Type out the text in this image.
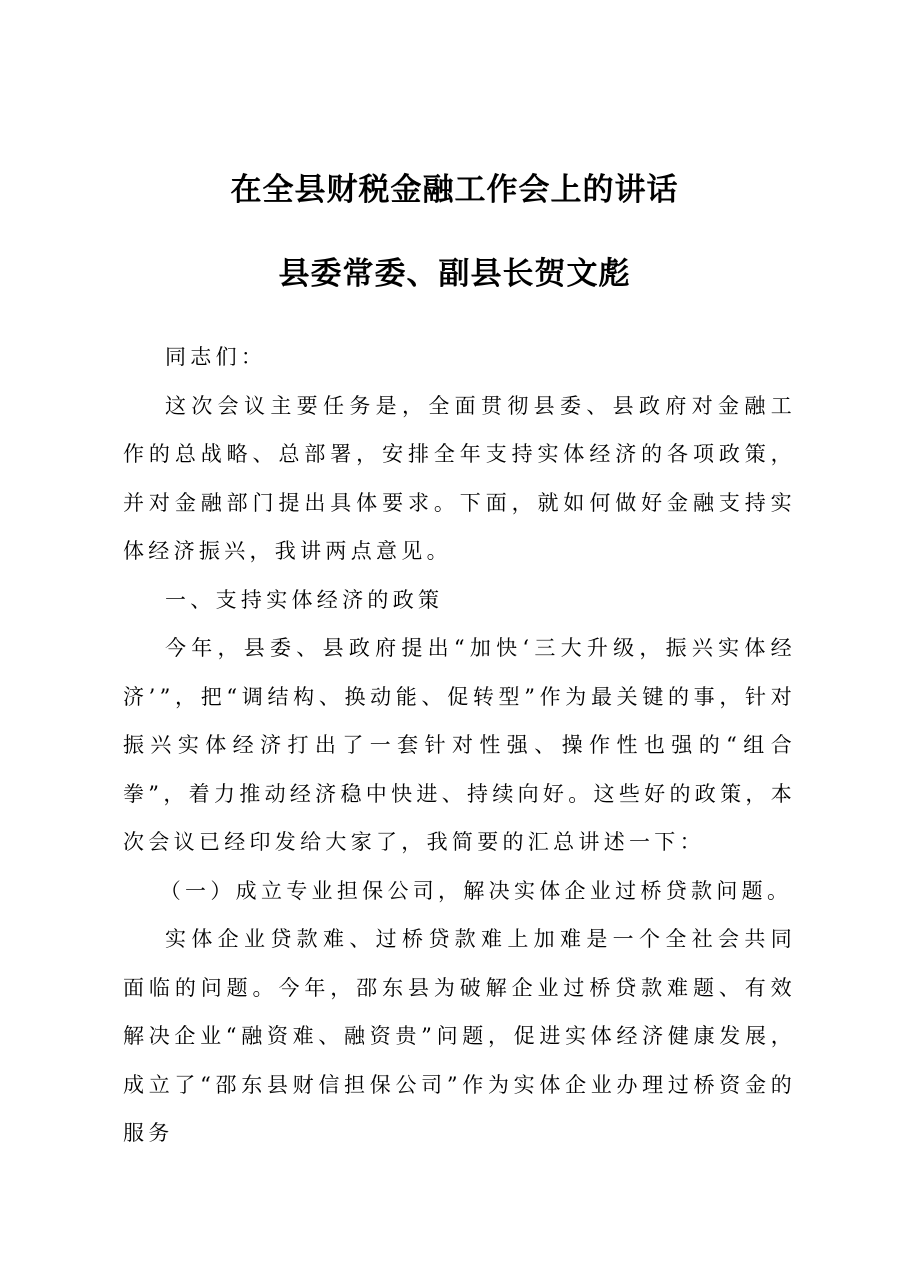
在全县财税金融工作会上的讲话
县委常委、副县长贺文彪

同志们：

这次会议主要任务是，全面贯彻县委、县政府对金融工作的总战略、总部署，安排全年支持实体经济的各项政策，并对金融部门提出具体要求。下面，就如何做好金融支持实体经济振兴，我讲两点意见。

一、支持实体经济的政策

今年，县委、县政府提出“加快‘三大升级，振兴实体经济’”，把“调结构、换动能、促转型”作为最关键的事，针对振兴实体经济打出了一套针对性强、操作性也强的“组合拳”，着力推动经济稳中快进、持续向好。这些好的政策，本次会议已经印发给大家了，我简要的汇总讲述一下：

（一）成立专业担保公司，解决实体企业过桥贷款问题。

实体企业贷款难、过桥贷款难上加难是一个全社会共同面临的问题。今年，邵东县为破解企业过桥贷款难题、有效解决企业“融资难、融资贵”问题，促进实体经济健康发展，成立了“邵东县财信担保公司”作为实体企业办理过桥资金的服务
